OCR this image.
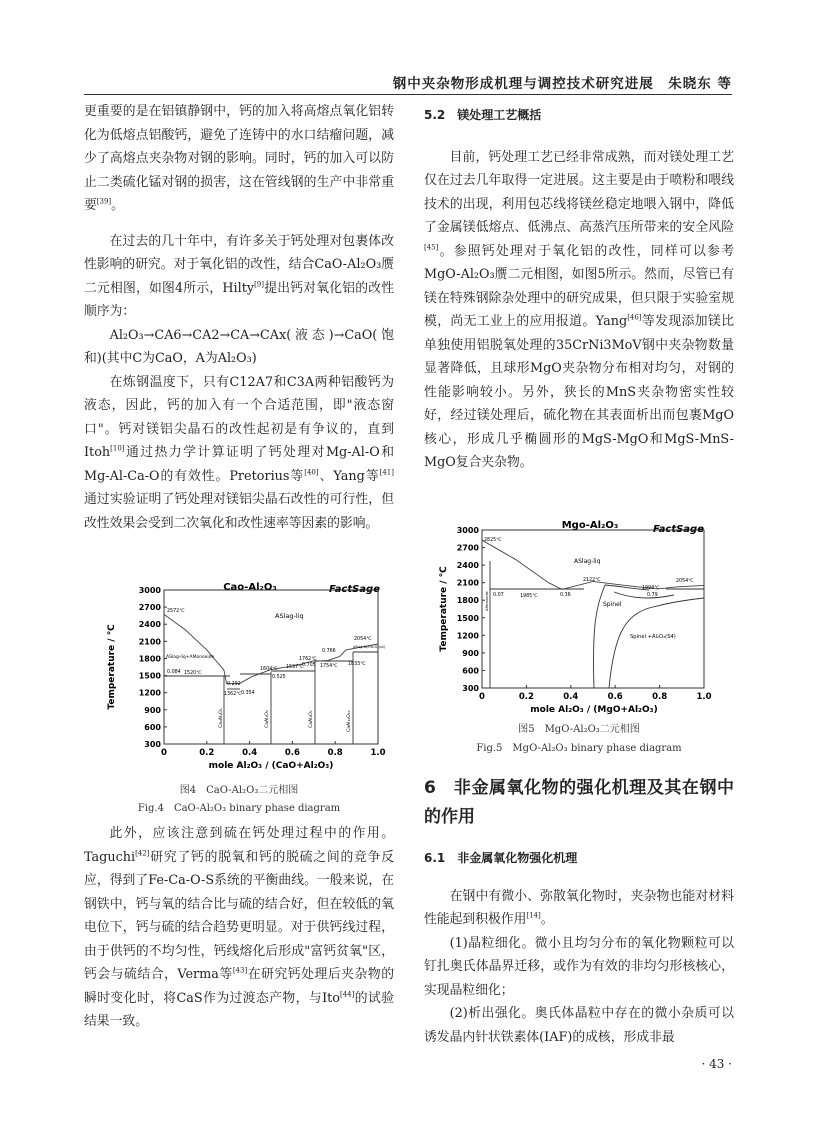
钢中夹杂物形成机理与调控技术研究进展　朱晓东 等

更重要的是在铝镇静钢中，钙的加入将高熔点氧化铝转化为低熔点铝酸钙，避免了连铸中的水口结瘤问题，减少了高熔点夹杂物对钢的影响。同时，钙的加入可以防止二类硫化锰对钢的损害，这在管线钢的生产中非常重要[39]。

在过去的几十年中，有许多关于钙处理对包裹体改性影响的研究。对于氧化铝的改性，结合CaO-Al₂O₃赝二元相图，如图4所示，Hilty[9]提出钙对氧化铝的改性顺序为：

Al₂O₃→CA6→CA2→CA→CAx(液态)→CaO(饱和)(其中C为CaO，A为Al₂O₃)

在炼钢温度下，只有C12A7和C3A两种铝酸钙为液态，因此，钙的加入有一个合适范围，即"液态窗口"。钙对镁铝尖晶石的改性起初是有争议的，直到Itoh[10]通过热力学计算证明了钙处理对Mg-Al-O和Mg-Al-Ca-O的有效性。Pretorius等[40]、Yang等[41]通过实验证明了钙处理对镁铝尖晶石改性的可行性，但改性效果会受到二次氧化和改性速率等因素的影响。

Cao-Al₂O₃	FactSage
300
600
900
1200
1500
1800
2100
2400
2700
3000
0	0.2	0.4	0.6	0.8	1.0
ASlag-liq
ASlag-liq+AMonoxide
ASlag-liq+Al₂O₃(s4)
2572℃
1520℃
0.084
0.292
1362℃ 0.354
1604℃
0.525
1597℃
1762℃
0.705
0.766
1754℃ 1833℃
2054℃
Ca₃Al₂O₆	CaAl₂O₄	CaAl₄O₇	CaAl₁₂O₁₉
mole Al₂O₃ / (CaO+Al₂O₃)
Temperature / ℃
图4　CaO-Al₂O₃二元相图
Fig.4　CaO-Al₂O₃ binary phase diagram

此外，应该注意到硫在钙处理过程中的作用。Taguchi[42]研究了钙的脱氧和钙的脱硫之间的竞争反应，得到了Fe-Ca-O-S系统的平衡曲线。一般来说，在钢铁中，钙与氧的结合比与硫的结合好，但在较低的氧电位下，钙与硫的结合趋势更明显。对于供钙线过程，由于供钙的不均匀性，钙线熔化后形成"富钙贫氧"区，钙会与硫结合，Verma等[43]在研究钙处理后夹杂物的瞬时变化时，将CaS作为过渡态产物，与Ito[44]的试验结果一致。

5.2　镁处理工艺概括

目前，钙处理工艺已经非常成熟，而对镁处理工艺仅在过去几年取得一定进展。这主要是由于喷粉和喂线技术的出现，利用包芯线将镁丝稳定地喂入钢中，降低了金属镁低熔点、低沸点、高蒸汽压所带来的安全风险[45]。参照钙处理对于氧化铝的改性，同样可以参考MgO-Al₂O₃赝二元相图，如图5所示。然而，尽管已有镁在特殊钢除杂处理中的研究成果，但只限于实验室规模，尚无工业上的应用报道。Yang[46]等发现添加镁比单独使用铝脱氧处理的35CrNi3MoV钢中夹杂物数量显著降低，且球形MgO夹杂物分布相对均匀，对钢的性能影响较小。另外，狭长的MnS夹杂物密实性较好，经过镁处理后，硫化物在其表面析出而包裹MgO核心，形成几乎椭圆形的MgS-MgO和MgS-MnS-MgO复合夹杂物。

Mgo-Al₂O₃	FactSage
300
600
900
1200
1500
1800
2100
2400
2700
3000
0	0.2	0.4	0.6	0.8	1.0
ASlag-liq
Spinel
Spinel +Al₂O₃(S4)
AMonoxide
2825℃
0.07	1985℃	0.36
2122℃
1994℃
0.79
2054℃
mole Al₂O₃ / (MgO+Al₂O₃)
Temperature / ℃
图5　MgO-Al₂O₃二元相图
Fig.5　MgO-Al₂O₃ binary phase diagram

6　非金属氧化物的强化机理及其在钢中的作用

6.1　非金属氧化物强化机理

在钢中有微小、弥散氧化物时，夹杂物也能对材料性能起到积极作用[14]。

(1)晶粒细化。微小且均匀分布的氧化物颗粒可以钉扎奥氏体晶界迁移，或作为有效的非均匀形核核心，实现晶粒细化；

(2)析出强化。奥氏体晶粒中存在的微小杂质可以诱发晶内针状铁素体(IAF)的成核，形成非最

· 43 ·
